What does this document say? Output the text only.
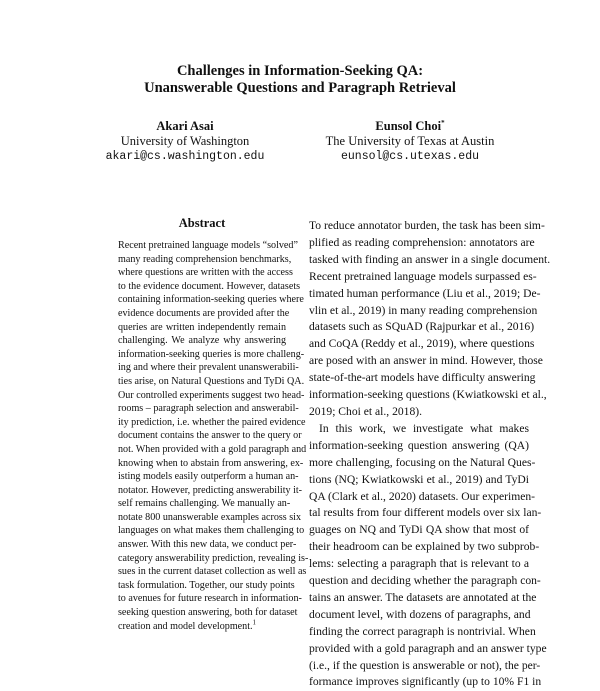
Challenges in Information-Seeking QA:
Unanswerable Questions and Paragraph Retrieval
Akari Asai
University of Washington
akari@cs.washington.edu
Eunsol Choi*
The University of Texas at Austin
eunsol@cs.utexas.edu
Abstract
Recent pretrained language models “solved”
many reading comprehension benchmarks,
where questions are written with the access
to the evidence document. However, datasets
containing information-seeking queries where
evidence documents are provided after the
queries are written independently remain
challenging. We analyze why answering
information-seeking queries is more challeng-
ing and where their prevalent unanswerabili-
ties arise, on Natural Questions and TyDi QA.
Our controlled experiments suggest two head-
rooms – paragraph selection and answerabil-
ity prediction, i.e. whether the paired evidence
document contains the answer to the query or
not. When provided with a gold paragraph and
knowing when to abstain from answering, ex-
isting models easily outperform a human an-
notator. However, predicting answerability it-
self remains challenging. We manually an-
notate 800 unanswerable examples across six
languages on what makes them challenging to
answer. With this new data, we conduct per-
category answerability prediction, revealing is-
sues in the current dataset collection as well as
task formulation. Together, our study points
to avenues for future research in information-
seeking question answering, both for dataset
creation and model development.$^1$
To reduce annotator burden, the task has been sim-
plified as reading comprehension: annotators are
tasked with finding an answer in a single document.
Recent pretrained language models surpassed es-
timated human performance (Liu et al., 2019; De-
vlin et al., 2019) in many reading comprehension
datasets such as SQuAD (Rajpurkar et al., 2016)
and CoQA (Reddy et al., 2019), where questions
are posed with an answer in mind. However, those
state-of-the-art models have difficulty answering
information-seeking questions (Kwiatkowski et al.,
2019; Choi et al., 2018).
In this work, we investigate what makes
information-seeking question answering (QA)
more challenging, focusing on the Natural Ques-
tions (NQ; Kwiatkowski et al., 2019) and TyDi
QA (Clark et al., 2020) datasets. Our experimen-
tal results from four different models over six lan-
guages on NQ and TyDi QA show that most of
their headroom can be explained by two subprob-
lems: selecting a paragraph that is relevant to a
question and deciding whether the paragraph con-
tains an answer. The datasets are annotated at the
document level, with dozens of paragraphs, and
finding the correct paragraph is nontrivial. When
provided with a gold paragraph and an answer type
(i.e., if the question is answerable or not), the per-
formance improves significantly (up to 10% F1 in
